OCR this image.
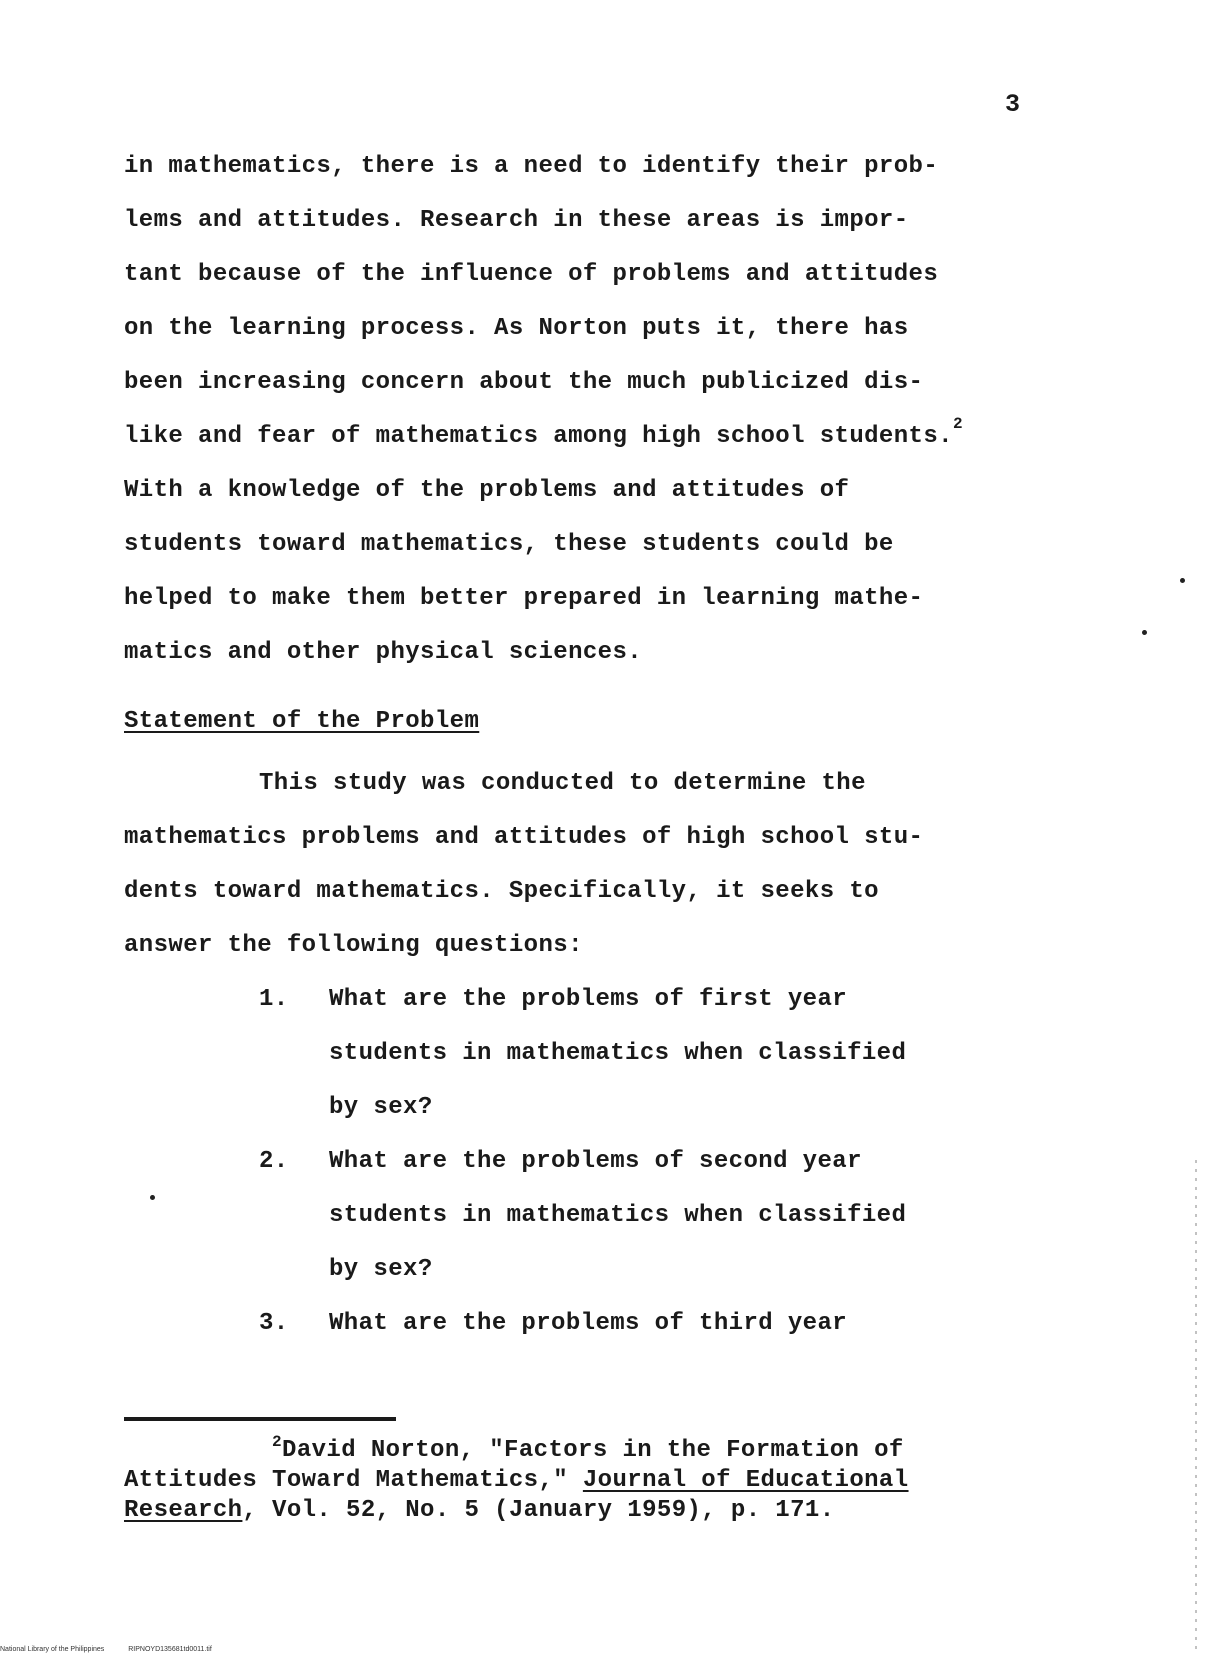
3
in mathematics, there is a need to identify their prob-
lems and attitudes. Research in these areas is impor-
tant because of the influence of problems and attitudes
on the learning process. As Norton puts it, there has
been increasing concern about the much publicized dis-
like and fear of mathematics among high school students.$^2$
With a knowledge of the problems and attitudes of
students toward mathematics, these students could be
helped to make them better prepared in learning mathe-
matics and other physical sciences.
Statement of the Problem
This study was conducted to determine the
mathematics problems and attitudes of high school stu-
dents toward mathematics. Specifically, it seeks to
answer the following questions:
1.	What are the problems of first year
students in mathematics when classified
by sex?
2.	What are the problems of second year
students in mathematics when classified
by sex?
3.	What are the problems of third year
$^2$David Norton, "Factors in the Formation of
Attitudes Toward Mathematics," Journal of Educational
Research, Vol. 52, No. 5 (January 1959), p. 171.
National Library of the Philippines	RIPNOYD135681td0011.tif
